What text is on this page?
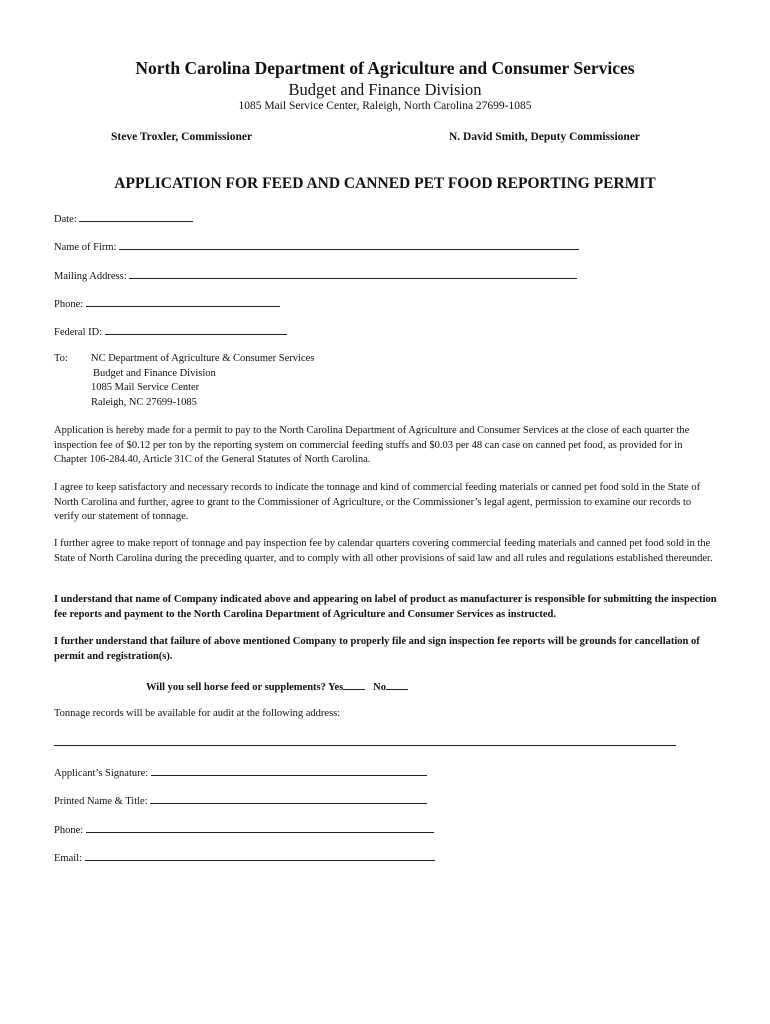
North Carolina Department of Agriculture and Consumer Services
Budget and Finance Division
1085 Mail Service Center, Raleigh, North Carolina 27699-1085
Steve Troxler, Commissioner	N. David Smith, Deputy Commissioner
APPLICATION FOR FEED AND CANNED PET FOOD REPORTING PERMIT
Date:
Name of Firm:
Mailing Address:
Phone:
Federal ID:
To: NC Department of Agriculture & Consumer Services
Budget and Finance Division
1085 Mail Service Center
Raleigh, NC 27699-1085
Application is hereby made for a permit to pay to the North Carolina Department of Agriculture and Consumer Services at the close of each quarter the inspection fee of $0.12 per ton by the reporting system on commercial feeding stuffs and $0.03 per 48 can case on canned pet food, as provided for in Chapter 106-284.40, Article 31C of the General Statutes of North Carolina.
I agree to keep satisfactory and necessary records to indicate the tonnage and kind of commercial feeding materials or canned pet food sold in the State of North Carolina and further, agree to grant to the Commissioner of Agriculture, or the Commissioner’s legal agent, permission to examine our records to verify our statement of tonnage.
I further agree to make report of tonnage and pay inspection fee by calendar quarters covering commercial feeding materials and canned pet food sold in the State of North Carolina during the preceding quarter, and to comply with all other provisions of said law and all rules and regulations established thereunder.
I understand that name of Company indicated above and appearing on label of product as manufacturer is responsible for submitting the inspection fee reports and payment to the North Carolina Department of Agriculture and Consumer Services as instructed.
I further understand that failure of above mentioned Company to properly file and sign inspection fee reports will be grounds for cancellation of permit and registration(s).
Will you sell horse feed or supplements? Yes	No
Tonnage records will be available for audit at the following address:
Applicant’s Signature:
Printed Name & Title:
Phone:
Email:
